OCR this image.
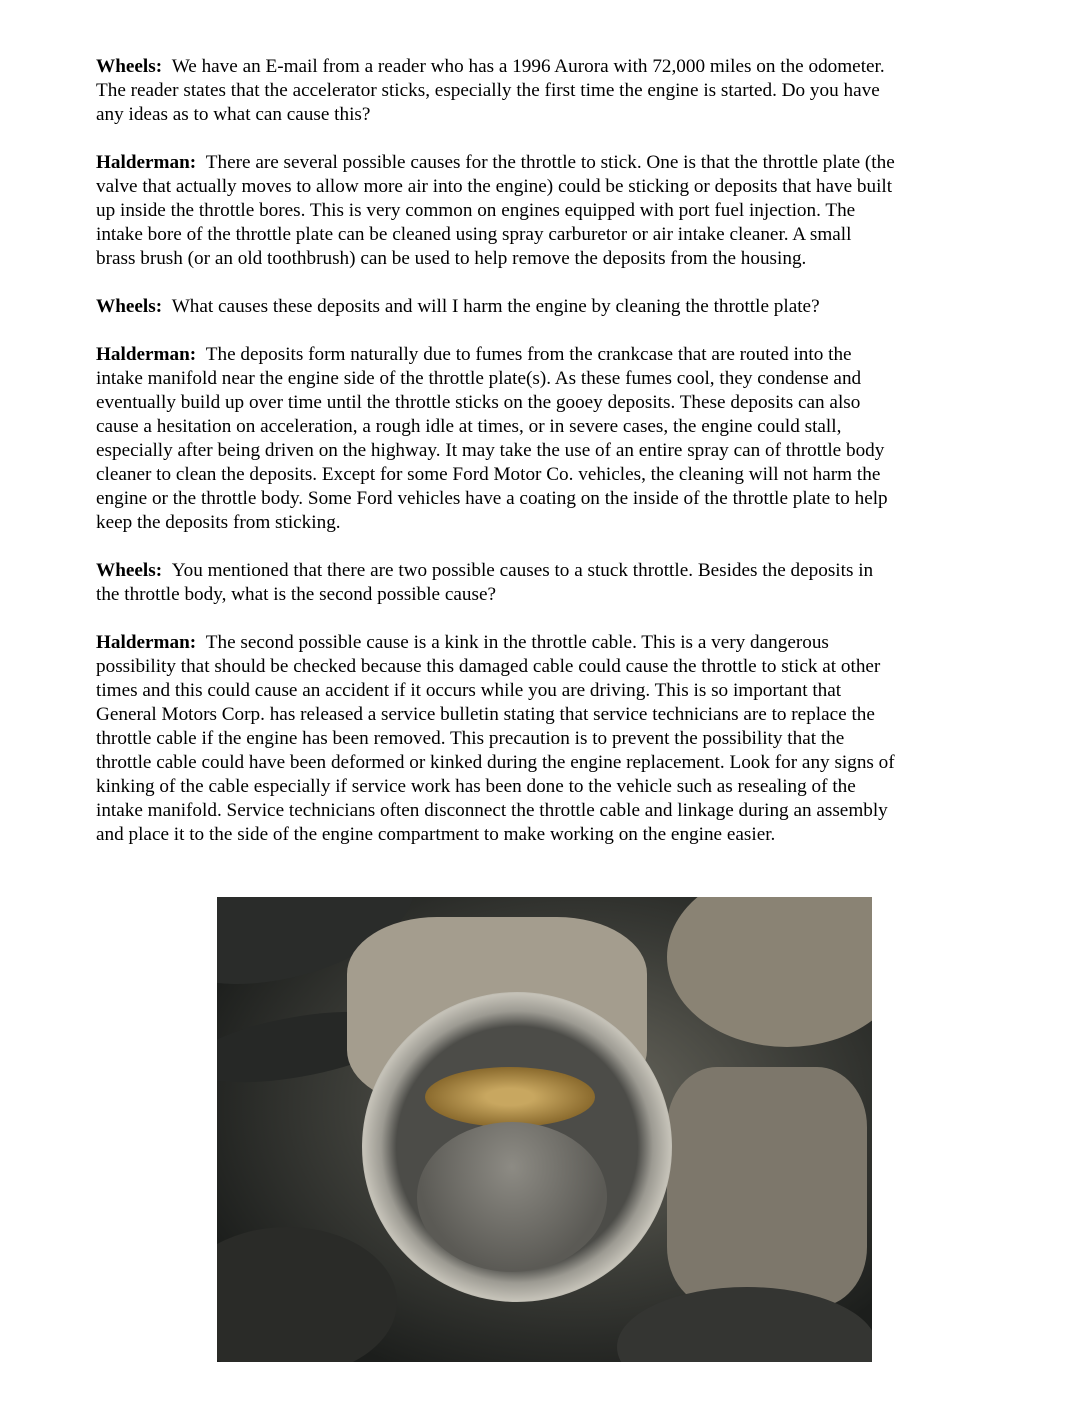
Wheels: We have an E-mail from a reader who has a 1996 Aurora with 72,000 miles on the odometer.
The reader states that the accelerator sticks, especially the first time the engine is started. Do you have
any ideas as to what can cause this?
Halderman: There are several possible causes for the throttle to stick. One is that the throttle plate (the
valve that actually moves to allow more air into the engine) could be sticking or deposits that have built
up inside the throttle bores. This is very common on engines equipped with port fuel injection. The
intake bore of the throttle plate can be cleaned using spray carburetor or air intake cleaner. A small
brass brush (or an old toothbrush) can be used to help remove the deposits from the housing.
Wheels: What causes these deposits and will I harm the engine by cleaning the throttle plate?
Halderman: The deposits form naturally due to fumes from the crankcase that are routed into the
intake manifold near the engine side of the throttle plate(s). As these fumes cool, they condense and
eventually build up over time until the throttle sticks on the gooey deposits. These deposits can also
cause a hesitation on acceleration, a rough idle at times, or in severe cases, the engine could stall,
especially after being driven on the highway. It may take the use of an entire spray can of throttle body
cleaner to clean the deposits. Except for some Ford Motor Co. vehicles, the cleaning will not harm the
engine or the throttle body. Some Ford vehicles have a coating on the inside of the throttle plate to help
keep the deposits from sticking.
Wheels: You mentioned that there are two possible causes to a stuck throttle. Besides the deposits in
the throttle body, what is the second possible cause?
Halderman: The second possible cause is a kink in the throttle cable. This is a very dangerous
possibility that should be checked because this damaged cable could cause the throttle to stick at other
times and this could cause an accident if it occurs while you are driving. This is so important that
General Motors Corp. has released a service bulletin stating that service technicians are to replace the
throttle cable if the engine has been removed. This precaution is to prevent the possibility that the
throttle cable could have been deformed or kinked during the engine replacement. Look for any signs of
kinking of the cable especially if service work has been done to the vehicle such as resealing of the
intake manifold. Service technicians often disconnect the throttle cable and linkage during an assembly
and place it to the side of the engine compartment to make working on the engine easier.
